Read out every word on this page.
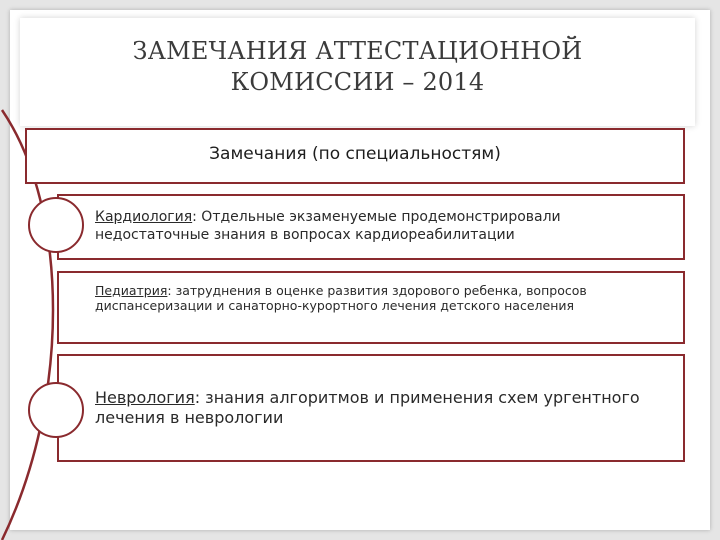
ЗАМЕЧАНИЯ АТТЕСТАЦИОННОЙ
КОМИССИИ – 2014
Замечания (по специальностям)
Кардиология: Отдельные экзаменуемые продемонстрировали недостаточные знания в вопросах кардиореабилитации
Педиатрия: затруднения в оценке развития здорового ребенка, вопросов диспансеризации и санаторно-курортного лечения детского населения
Неврология: знания алгоритмов и применения схем ургентного лечения в неврологии
